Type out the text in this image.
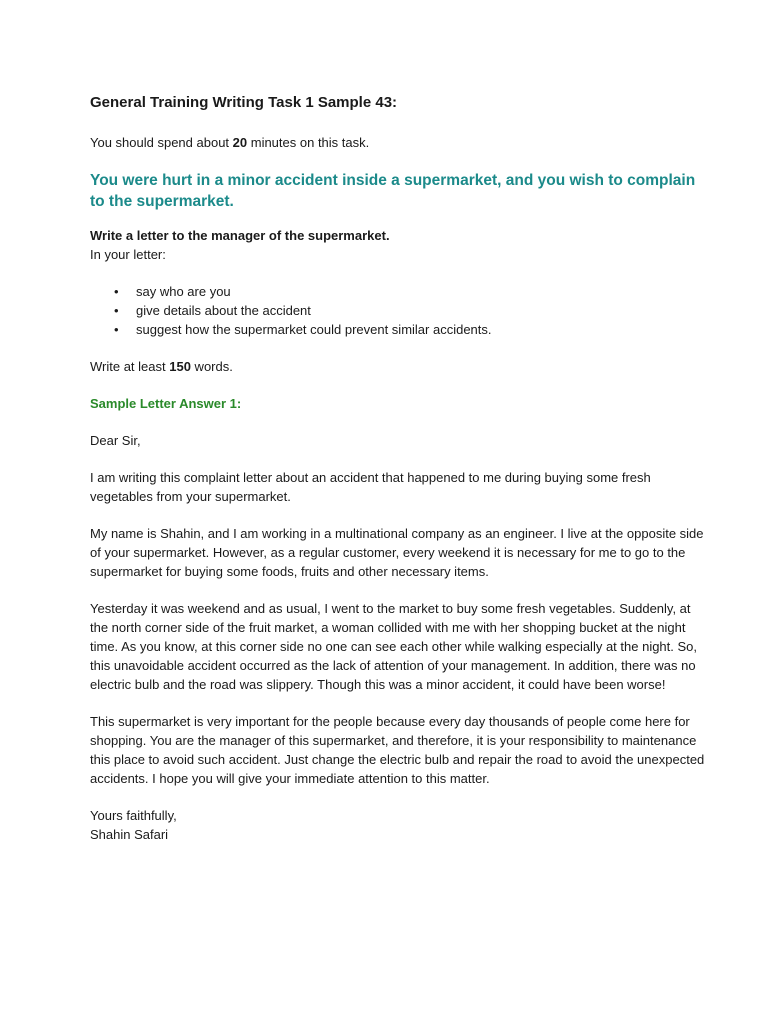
General Training Writing Task 1 Sample 43:

You should spend about 20 minutes on this task.

You were hurt in a minor accident inside a supermarket, and you wish to complain to the supermarket.

Write a letter to the manager of the supermarket.

In your letter:

• say who are you
• give details about the accident
• suggest how the supermarket could prevent similar accidents.

Write at least 150 words.

Sample Letter Answer 1:

Dear Sir,

I am writing this complaint letter about an accident that happened to me during buying some fresh vegetables from your supermarket.

My name is Shahin, and I am working in a multinational company as an engineer. I live at the opposite side of your supermarket. However, as a regular customer, every weekend it is necessary for me to go to the supermarket for buying some foods, fruits and other necessary items.

Yesterday it was weekend and as usual, I went to the market to buy some fresh vegetables. Suddenly, at the north corner side of the fruit market, a woman collided with me with her shopping bucket at the night time. As you know, at this corner side no one can see each other while walking especially at the night. So, this unavoidable accident occurred as the lack of attention of your management. In addition, there was no electric bulb and the road was slippery. Though this was a minor accident, it could have been worse!

This supermarket is very important for the people because every day thousands of people come here for shopping. You are the manager of this supermarket, and therefore, it is your responsibility to maintenance this place to avoid such accident. Just change the electric bulb and repair the road to avoid the unexpected accidents. I hope you will give your immediate attention to this matter.

Yours faithfully,

Shahin Safari
